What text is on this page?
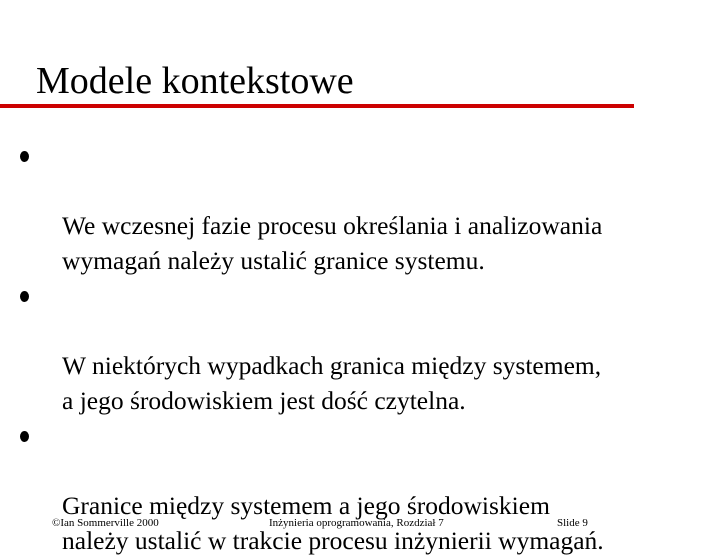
Modele kontekstowe

We wczesnej fazie procesu określania i analizowania
wymagań należy ustalić granice systemu.

W niektórych wypadkach granica między systemem,
a jego środowiskiem jest dość czytelna.

Granice między systemem a jego środowiskiem
należy ustalić w trakcie procesu inżynierii wymagań.

©Ian Sommerville 2000	Inżynieria oprogramowania, Rozdział 7	Slide 9
